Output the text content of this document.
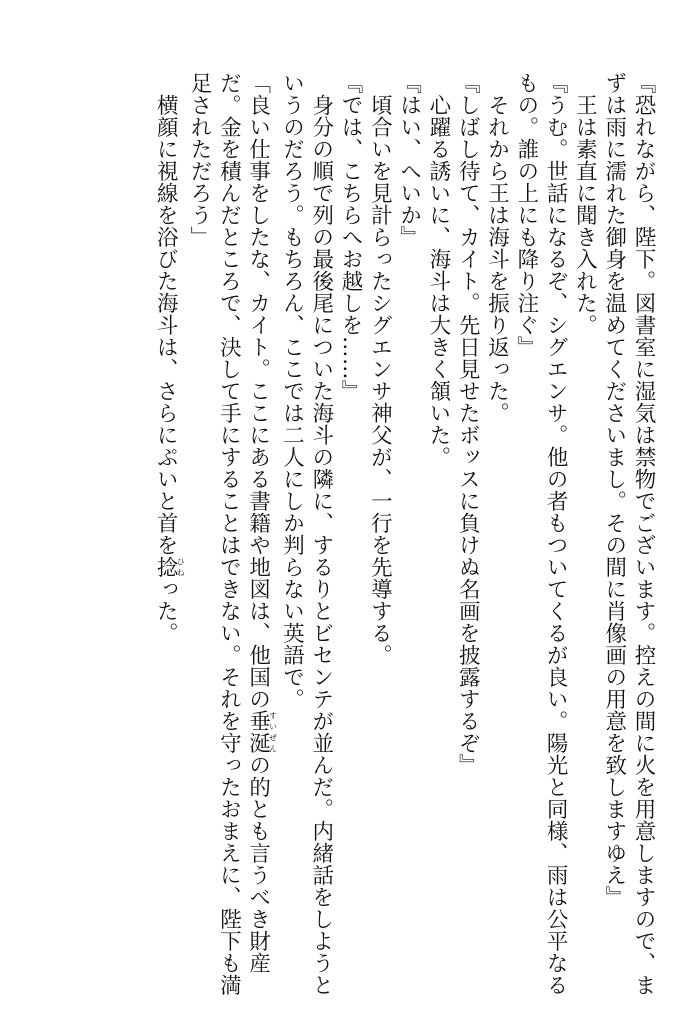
『恐れながら、陛下。図書室に湿気は禁物でございます。控えの間に火を用意しますので、ま
ずは雨に濡れた御身を温めてくださいまし。その間に肖像画の用意を致しますゆえ』
　王は素直に聞き入れた。
『うむ。世話になるぞ、シグエンサ。他の者もついてくるが良い。陽光と同様、雨は公平なる
もの。誰の上にも降り注ぐ』
　それから王は海斗を振り返った。
『しばし待て、カイト。先日見せたボッスに負けぬ名画を披露するぞ』
　心躍る誘いに、海斗は大きく頷いた。
『はい、へいか』
　頃合いを見計らったシグエンサ神父が、一行を先導する。
『では、こちらへお越しを……』
　身分の順で列の最後尾についた海斗の隣に、するりとビセンテが並んだ。内緒話をしようと
いうのだろう。もちろん、ここでは二人にしか判らない英語で。
「良い仕事をしたな、カイト。ここにある書籍や地図は、他国の垂涎すいぜんの的とも言うべき財産
だ。金を積んだところで、決して手にすることはできない。それを守ったおまえに、陛下も満
足されただろう」
　横顔に視線を浴びた海斗は、さらにぷいと首を捻ひねった。
